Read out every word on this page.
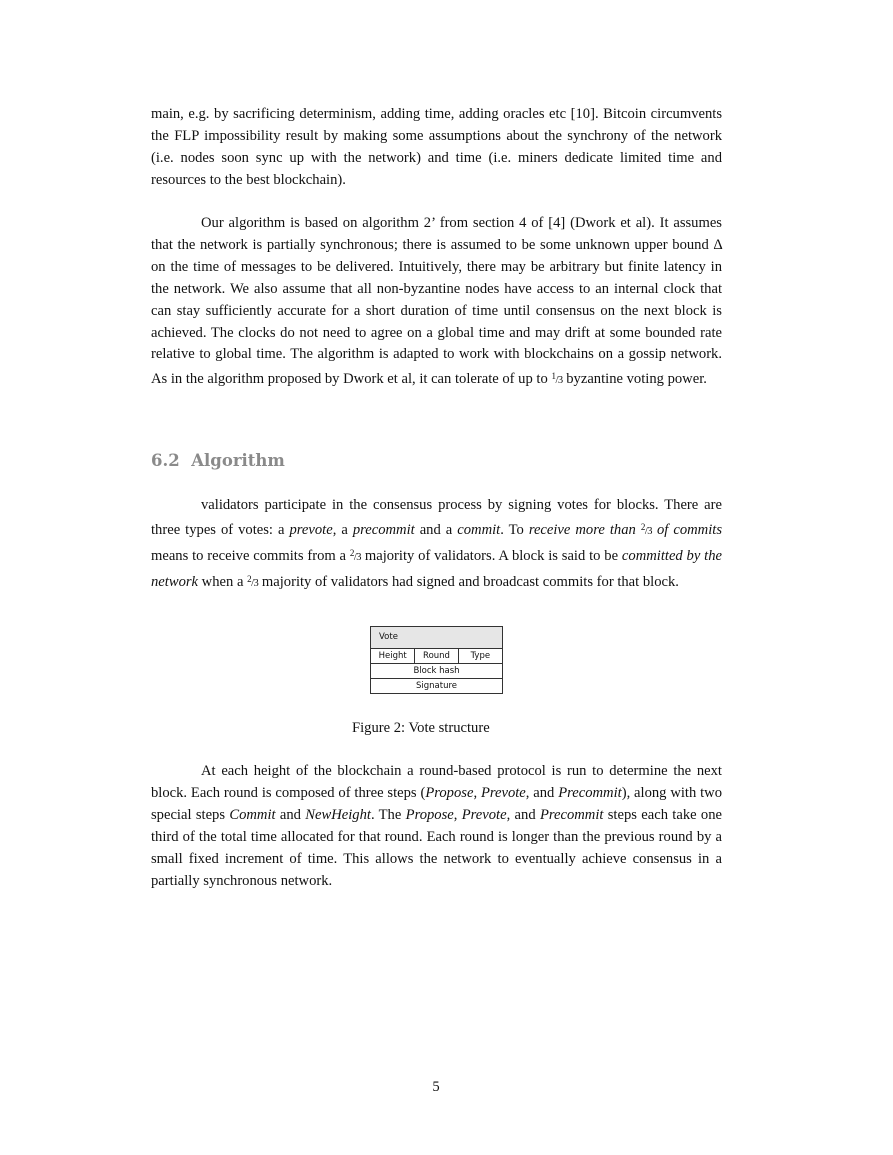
main, e.g. by sacrificing determinism, adding time, adding oracles etc [10]. Bitcoin circumvents the FLP impossibility result by making some assumptions about the synchrony of the network (i.e. nodes soon sync up with the network) and time (i.e. miners dedicate limited time and resources to the best blockchain).
Our algorithm is based on algorithm 2’ from section 4 of [4] (Dwork et al). It assumes that the network is partially synchronous; there is assumed to be some unknown upper bound Δ on the time of messages to be delivered. Intuitively, there may be arbitrary but finite latency in the network. We also assume that all non-byzantine nodes have access to an internal clock that can stay sufficiently accurate for a short duration of time until consensus on the next block is achieved. The clocks do not need to agree on a global time and may drift at some bounded rate relative to global time. The algorithm is adapted to work with blockchains on a gossip network. As in the algorithm proposed by Dwork et al, it can tolerate of up to $^1$/3 byzantine voting power.
6.2 Algorithm
validators participate in the consensus process by signing votes for blocks. There are three types of votes: a prevote, a precommit and a commit. To receive more than $^2$/3 of commits means to receive commits from a $^2$/3 majority of validators. A block is said to be committed by the network when a $^2$/3 majority of validators had signed and broadcast commits for that block.
Vote
Height	Round	Type
Block hash
Signature
Figure 2: Vote structure
At each height of the blockchain a round-based protocol is run to determine the next block. Each round is composed of three steps (Propose, Prevote, and Precommit), along with two special steps Commit and NewHeight. The Propose, Prevote, and Precommit steps each take one third of the total time allocated for that round. Each round is longer than the previous round by a small fixed increment of time. This allows the network to eventually achieve consensus in a partially synchronous network.
5
